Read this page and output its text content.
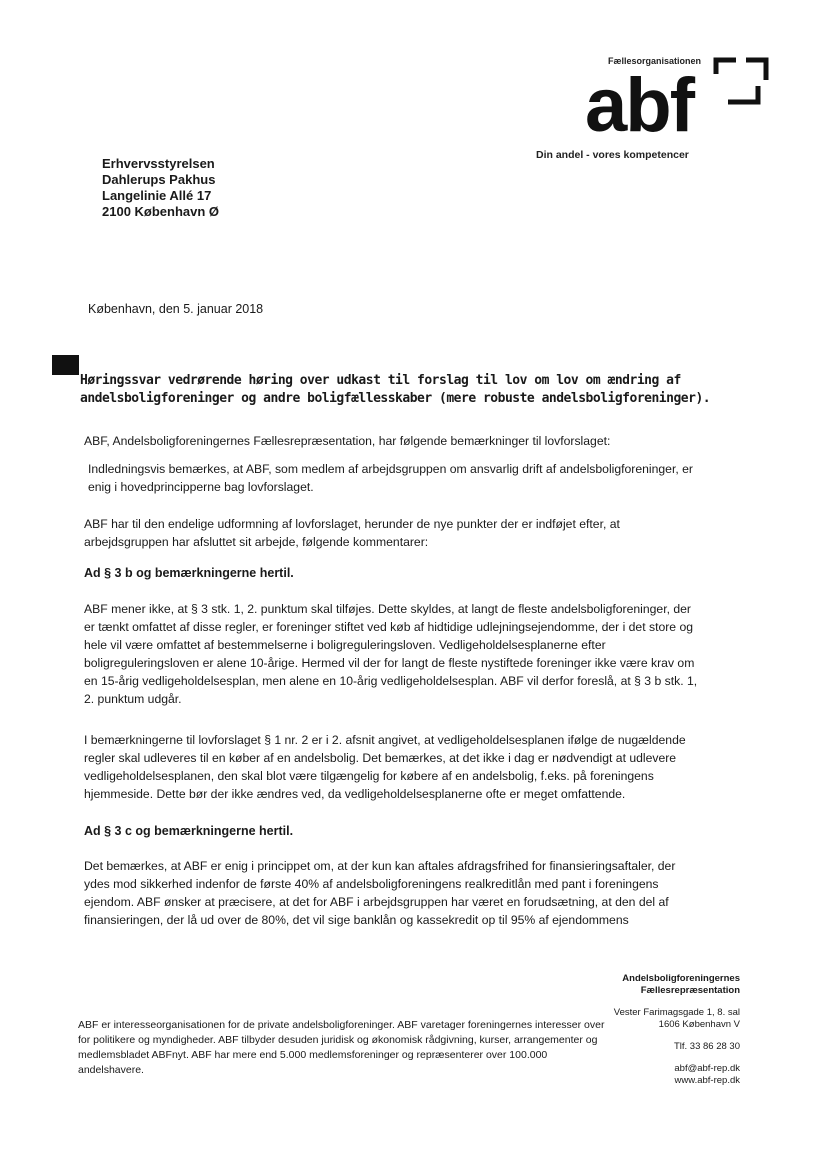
Fællesorganisationen
abf
Din andel - vores kompetencer
Erhvervsstyrelsen
Dahlerups Pakhus
Langelinie Allé 17
2100 København Ø
København, den 5. januar 2018
Høringssvar vedrørende høring over udkast til forslag til lov om lov om ændring af andelsboligforeninger og andre boligfællesskaber (mere robuste andelsboligforeninger).
ABF, Andelsboligforeningernes Fællesrepræsentation, har følgende bemærkninger til lovforslaget:
Indledningsvis bemærkes, at ABF, som medlem af arbejdsgruppen om ansvarlig drift af andelsboligforeninger, er enig i hovedprincipperne bag lovforslaget.
ABF har til den endelige udformning af lovforslaget, herunder de nye punkter der er indføjet efter, at arbejdsgruppen har afsluttet sit arbejde, følgende kommentarer:
Ad § 3 b og bemærkningerne hertil.
ABF mener ikke, at § 3 stk. 1, 2. punktum skal tilføjes. Dette skyldes, at langt de fleste andelsboligforeninger, der er tænkt omfattet af disse regler, er foreninger stiftet ved køb af hidtidige udlejningsejendomme, der i det store og hele vil være omfattet af bestemmelserne i boligreguleringsloven. Vedligeholdelsesplanerne efter boligreguleringsloven er alene 10-årige. Hermed vil der for langt de fleste nystiftede foreninger ikke være krav om en 15-årig vedligeholdelsesplan, men alene en 10-årig vedligeholdelsesplan. ABF vil derfor foreslå, at § 3 b stk. 1, 2. punktum udgår.
I bemærkningerne til lovforslaget § 1 nr. 2 er i 2. afsnit angivet, at vedligeholdelsesplanen ifølge de nugældende regler skal udleveres til en køber af en andelsbolig. Det bemærkes, at det ikke i dag er nødvendigt at udlevere vedligeholdelsesplanen, den skal blot være tilgængelig for købere af en andelsbolig, f.eks. på foreningens hjemmeside. Dette bør der ikke ændres ved, da vedligeholdelsesplanerne ofte er meget omfattende.
Ad § 3 c og bemærkningerne hertil.
Det bemærkes, at ABF er enig i princippet om, at der kun kan aftales afdragsfrihed for finansieringsaftaler, der ydes mod sikkerhed indenfor de første 40% af andelsboligforeningens realkreditlån med pant i foreningens ejendom. ABF ønsker at præcisere, at det for ABF i arbejdsgruppen har været en forudsætning, at den del af finansieringen, der lå ud over de 80%, det vil sige banklån og kassekredit op til 95% af ejendommens
Andelsboligforeningernes
Fællesrepræsentation
Vester Farimagsgade 1, 8. sal
1606 København V
Tlf. 33 86 28 30
abf@abf-rep.dk
www.abf-rep.dk
ABF er interesseorganisationen for de private andelsboligforeninger. ABF varetager foreningernes interesser over for politikere og myndigheder. ABF tilbyder desuden juridisk og økonomisk rådgivning, kurser, arrangementer og medlemsbladet ABFnyt. ABF har mere end 5.000 medlemsforeninger og repræsenterer over 100.000 andelshavere.
